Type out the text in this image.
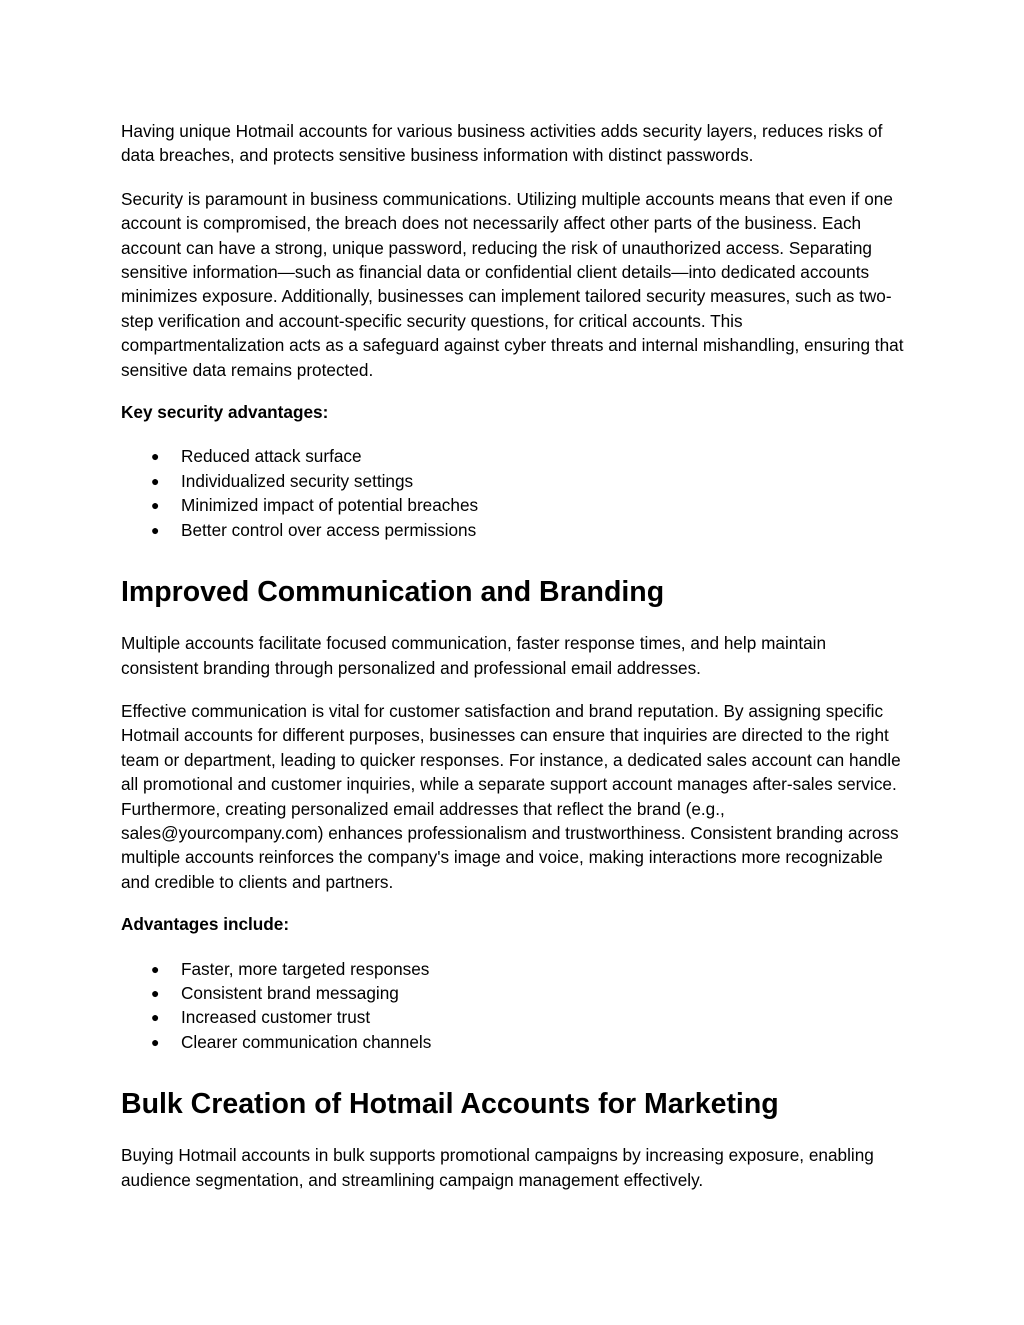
Having unique Hotmail accounts for various business activities adds security layers, reduces risks of data breaches, and protects sensitive business information with distinct passwords.

Security is paramount in business communications. Utilizing multiple accounts means that even if one account is compromised, the breach does not necessarily affect other parts of the business. Each account can have a strong, unique password, reducing the risk of unauthorized access. Separating sensitive information—such as financial data or confidential client details—into dedicated accounts minimizes exposure. Additionally, businesses can implement tailored security measures, such as two-step verification and account-specific security questions, for critical accounts. This compartmentalization acts as a safeguard against cyber threats and internal mishandling, ensuring that sensitive data remains protected.

Key security advantages:

● Reduced attack surface
● Individualized security settings
● Minimized impact of potential breaches
● Better control over access permissions
Improved Communication and Branding

Multiple accounts facilitate focused communication, faster response times, and help maintain consistent branding through personalized and professional email addresses.

Effective communication is vital for customer satisfaction and brand reputation. By assigning specific Hotmail accounts for different purposes, businesses can ensure that inquiries are directed to the right team or department, leading to quicker responses. For instance, a dedicated sales account can handle all promotional and customer inquiries, while a separate support account manages after-sales service. Furthermore, creating personalized email addresses that reflect the brand (e.g., sales@yourcompany.com) enhances professionalism and trustworthiness. Consistent branding across multiple accounts reinforces the company's image and voice, making interactions more recognizable and credible to clients and partners.

Advantages include:

● Faster, more targeted responses
● Consistent brand messaging
● Increased customer trust
● Clearer communication channels
Bulk Creation of Hotmail Accounts for Marketing

Buying Hotmail accounts in bulk supports promotional campaigns by increasing exposure, enabling audience segmentation, and streamlining campaign management effectively.
